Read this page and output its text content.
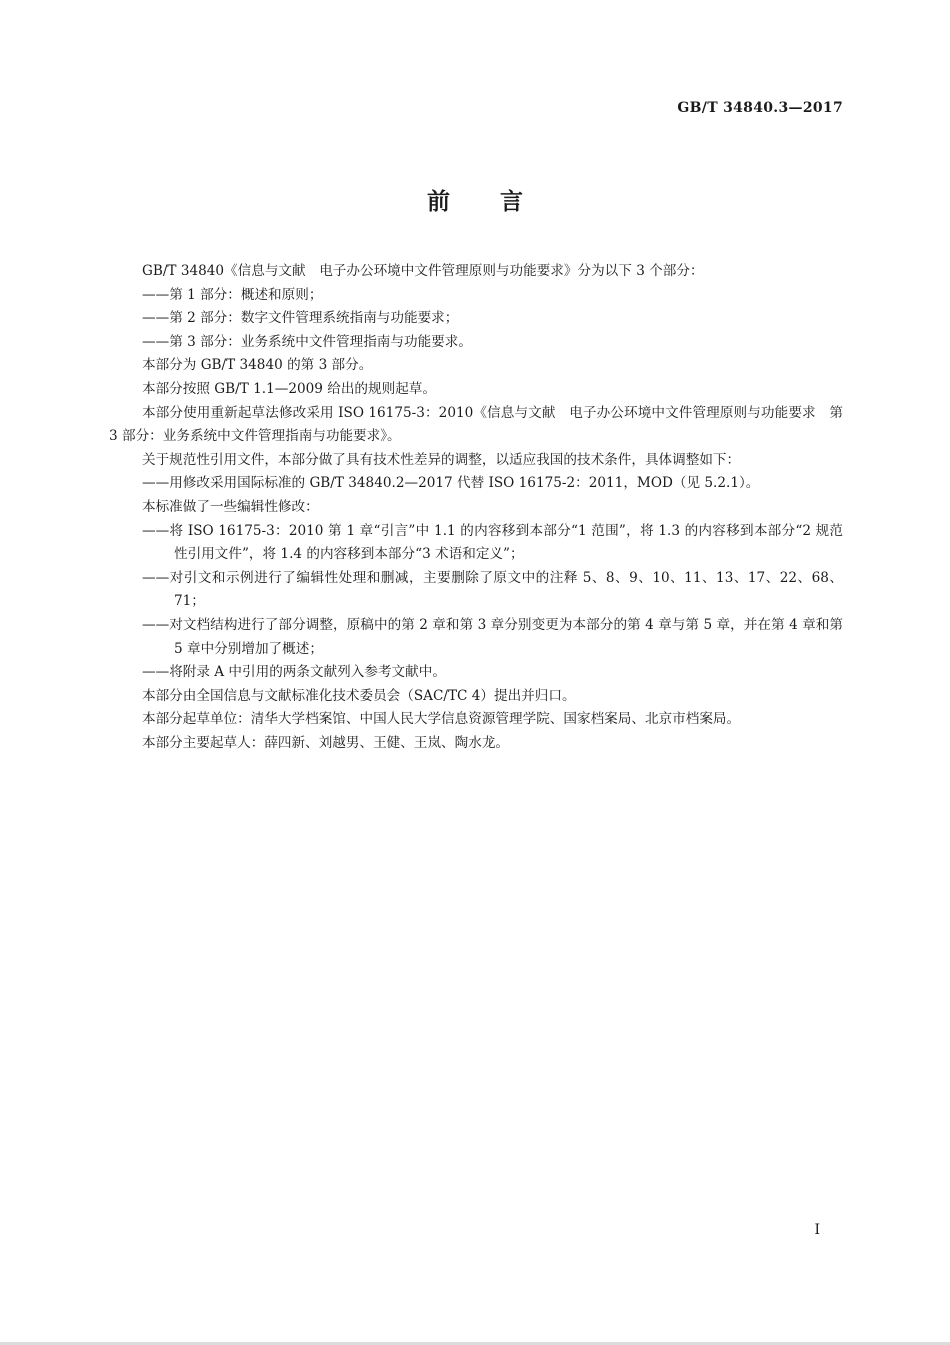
GB/T 34840.3—2017
前 言

GB/T 34840《信息与文献　电子办公环境中文件管理原则与功能要求》分为以下 3 个部分：

——第 1 部分：概述和原则；

——第 2 部分：数字文件管理系统指南与功能要求；

——第 3 部分：业务系统中文件管理指南与功能要求。

本部分为 GB/T 34840 的第 3 部分。

本部分按照 GB/T 1.1—2009 给出的规则起草。

本部分使用重新起草法修改采用 ISO 16175-3：2010《信息与文献　电子办公环境中文件管理原则与功能要求　第 3 部分：业务系统中文件管理指南与功能要求》。

关于规范性引用文件，本部分做了具有技术性差异的调整，以适应我国的技术条件，具体调整如下：

——用修改采用国际标准的 GB/T 34840.2—2017 代替 ISO 16175-2：2011，MOD（见 5.2.1）。

本标准做了一些编辑性修改：

——将 ISO 16175-3：2010 第 1 章“引言”中 1.1 的内容移到本部分“1 范围”，将 1.3 的内容移到本部分“2 规范性引用文件”，将 1.4 的内容移到本部分“3 术语和定义”；

——对引文和示例进行了编辑性处理和删减，主要删除了原文中的注释 5、8、9、10、11、13、17、22、68、71；

——对文档结构进行了部分调整，原稿中的第 2 章和第 3 章分别变更为本部分的第 4 章与第 5 章，并在第 4 章和第 5 章中分别增加了概述；

——将附录 A 中引用的两条文献列入参考文献中。

本部分由全国信息与文献标准化技术委员会（SAC/TC 4）提出并归口。

本部分起草单位：清华大学档案馆、中国人民大学信息资源管理学院、国家档案局、北京市档案局。

本部分主要起草人：薛四新、刘越男、王健、王岚、陶水龙。

I
